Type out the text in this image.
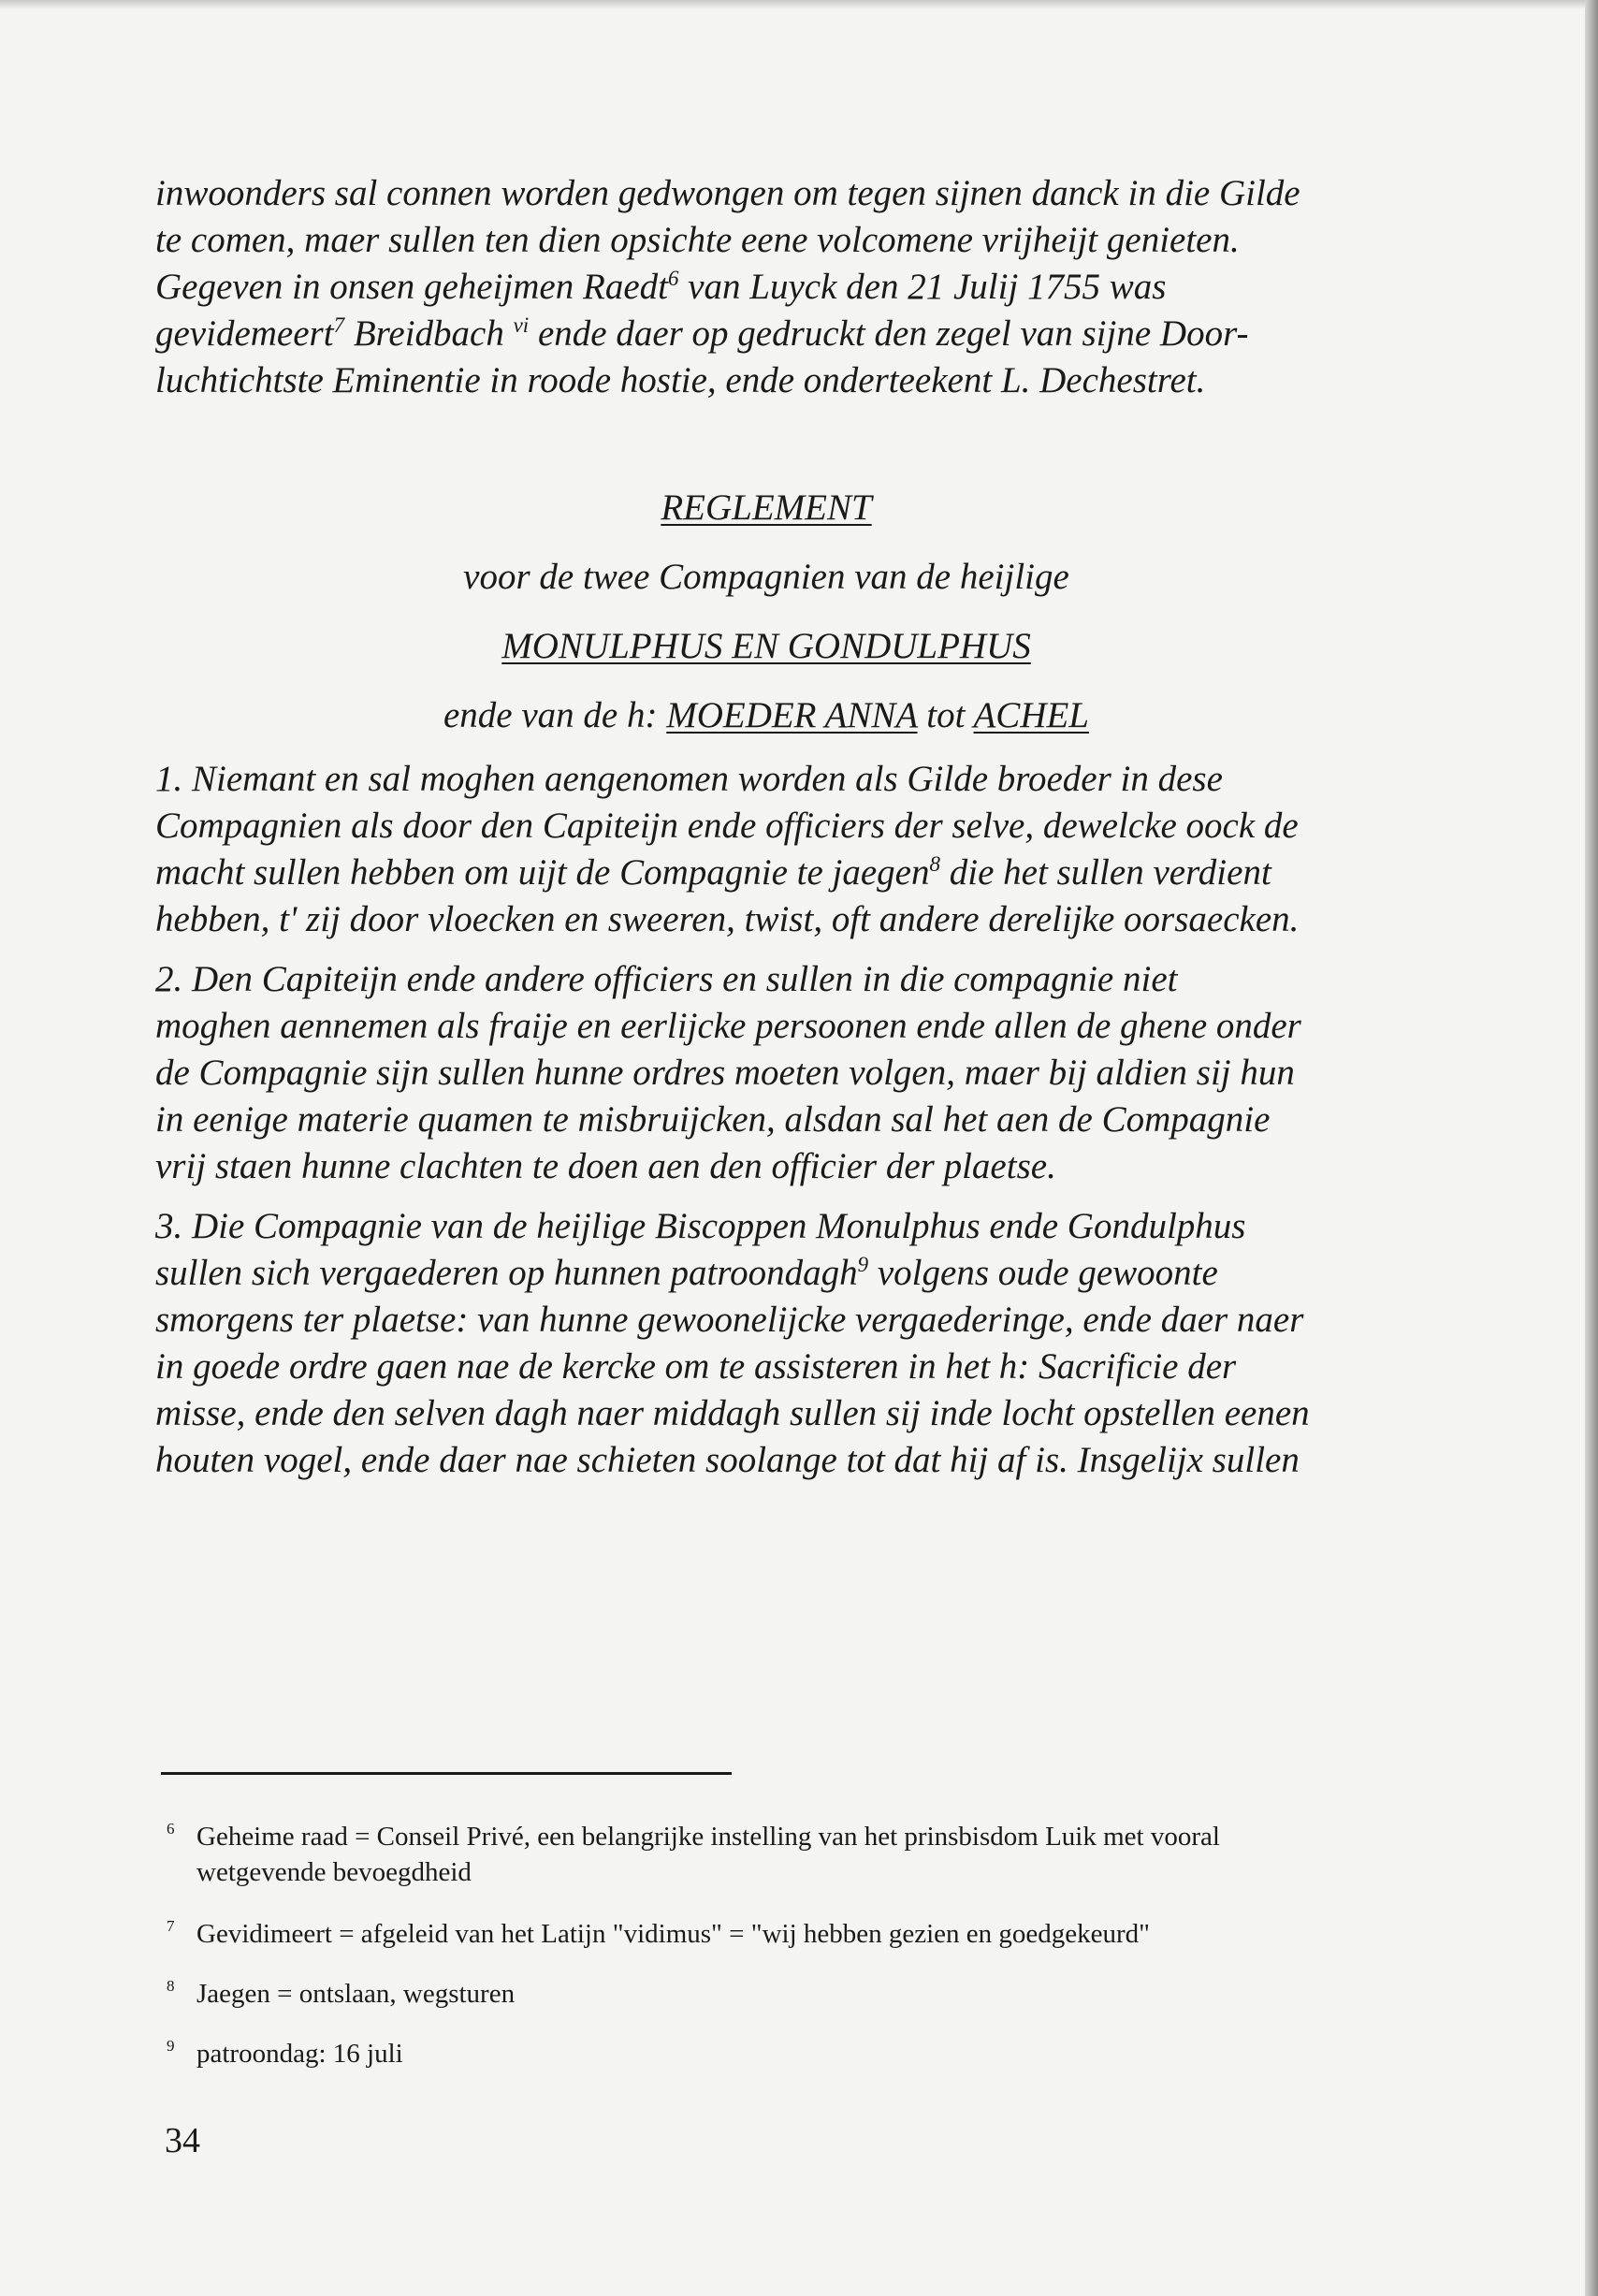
inwoonders sal connen worden gedwongen om tegen sijnen danck in die Gilde
te comen, maer sullen ten dien opsichte eene volcomene vrijheijt genieten.
Gegeven in onsen geheijmen Raedt$^6$ van Luyck den 21 Julij 1755 was
gevidemeert$^7$ Breidbach $^{vi}$ ende daer op gedruckt den zegel van sijne Door-
luchtichtste Eminentie in roode hostie, ende onderteekent L. Dechestret.
REGLEMENT
voor de twee Compagnien van de heijlige
MONULPHUS EN GONDULPHUS
ende van de h: MOEDER ANNA tot ACHEL
1. Niemant en sal moghen aengenomen worden als Gilde broeder in dese
Compagnien als door den Capiteijn ende officiers der selve, dewelcke oock de
macht sullen hebben om uijt de Compagnie te jaegen$^8$ die het sullen verdient
hebben, t' zij door vloecken en sweeren, twist, oft andere derelijke oorsaecken.
2. Den Capiteijn ende andere officiers en sullen in die compagnie niet
moghen aennemen als fraije en eerlijcke persoonen ende allen de ghene onder
de Compagnie sijn sullen hunne ordres moeten volgen, maer bij aldien sij hun
in eenige materie quamen te misbruijcken, alsdan sal het aen de Compagnie
vrij staen hunne clachten te doen aen den officier der plaetse.
3. Die Compagnie van de heijlige Biscoppen Monulphus ende Gondulphus
sullen sich vergaederen op hunnen patroondagh$^9$ volgens oude gewoonte
smorgens ter plaetse: van hunne gewoonelijcke vergaederinge, ende daer naer
in goede ordre gaen nae de kercke om te assisteren in het h: Sacrificie der
misse, ende den selven dagh naer middagh sullen sij inde locht opstellen eenen
houten vogel, ende daer nae schieten soolange tot dat hij af is. Insgelijx sullen
6 Geheime raad = Conseil Privé, een belangrijke instelling van het prinsbisdom Luik met vooral
wetgevende bevoegdheid
7 Gevidimeert = afgeleid van het Latijn "vidimus" = "wij hebben gezien en goedgekeurd"
8 Jaegen = ontslaan, wegsturen
9 patroondag: 16 juli
34
